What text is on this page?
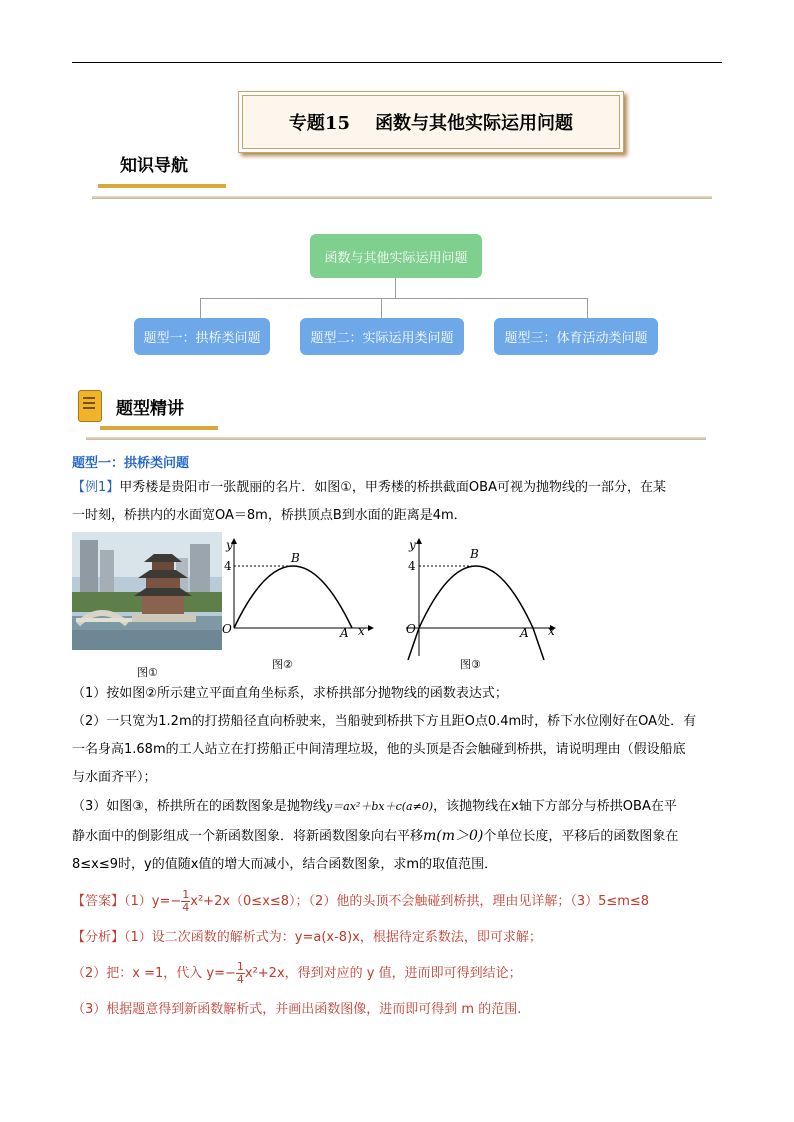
专题15
函数与其他实际运用问题
知识导航
函数与其他实际运用问题
题型一：拱桥类问题	题型二：实际运用类问题	题型三：体育活动类问题
题型精讲
题型一：拱桥类问题
【例1】甲秀楼是贵阳市一张靓丽的名片．如图①，甲秀楼的桥拱截面OBA可视为抛物线的一部分，在某
一时刻，桥拱内的水面宽OA＝8m，桥拱顶点B到水面的距离是4m．
图①
y
B
4
O	A x
图②
y
B
4
O	A x
图③
（1）按如图②所示建立平面直角坐标系，求桥拱部分抛物线的函数表达式；
（2）一只宽为1.2m的打捞船径直向桥驶来，当船驶到桥拱下方且距O点0.4m时，桥下水位刚好在OA处．有
一名身高1.68m的工人站立在打捞船正中间清理垃圾，他的头顶是否会触碰到桥拱，请说明理由（假设船底
与水面齐平）；
（3）如图③，桥拱所在的函数图象是抛物线y＝ax²＋bx＋c(a≠0)，该抛物线在x轴下方部分与桥拱OBA在平
静水面中的倒影组成一个新函数图象．将新函数图象向右平移m(m＞0)个单位长度，平移后的函数图象在
8≤x≤9时，y的值随x值的增大而减小，结合函数图象，求m的取值范围．
【答案】$(1)y=- \frac{1}{4} x^2+2x(0\le x\le 8)$；（2）他的头顶不会触碰到桥拱，理由见详解；（3）5≤m≤8
【分析】（1）设二次函数的解析式为：y=a(x-8)x，根据待定系数法，即可求解；
（2）把：x =1，代入 $y=- \frac{1}{4} x^2+2x$，得到对应的 y 值，进而即可得到结论；
（3）根据题意得到新函数解析式，并画出函数图像，进而即可得到 m 的范围.
